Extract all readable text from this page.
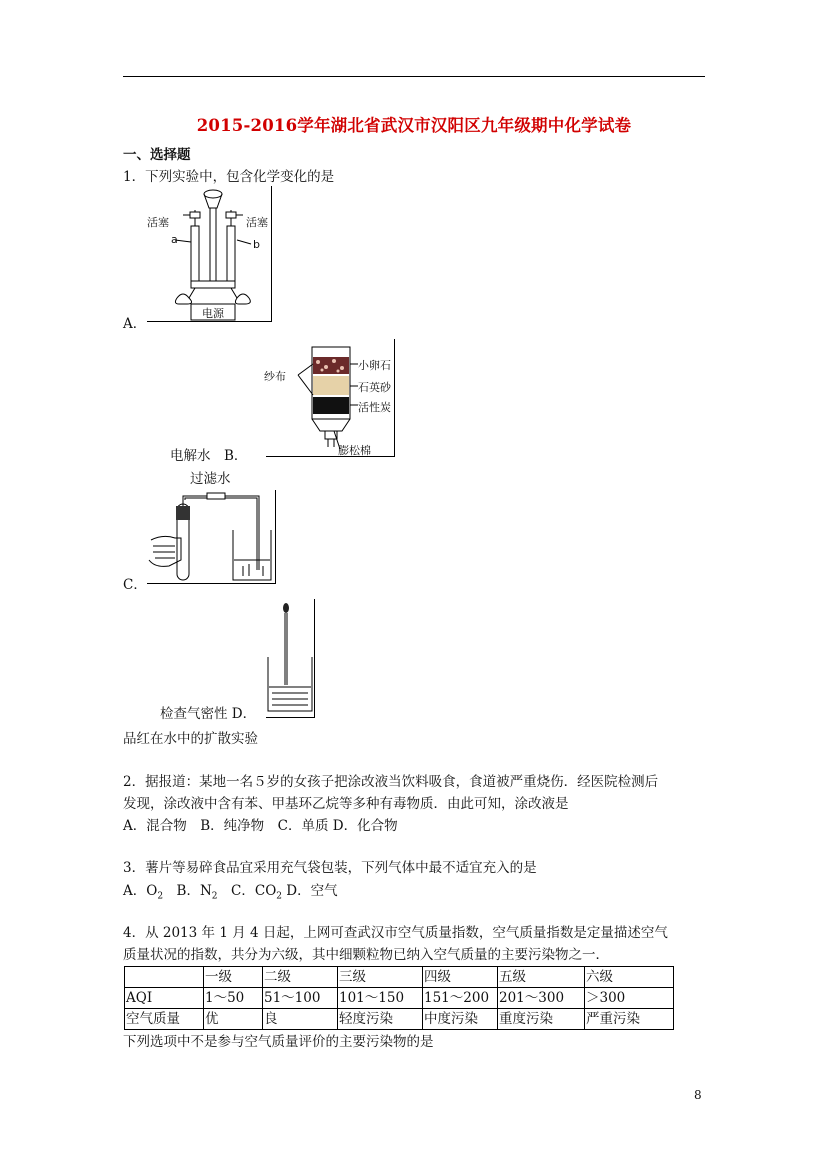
2015-2016学年湖北省武汉市汉阳区九年级期中化学试卷
一、选择题
1．下列实验中，包含化学变化的是
活塞	活塞
a	b
电源
A．
纱布
小卵石
石英砂
活性炭
膨松棉
电解水　B．
过滤水
C．
检查气密性 D．
品红在水中的扩散实验
2．据报道：某地一名５岁的女孩子把涂改液当饮料吸食，食道被严重烧伤．经医院检测后
发现，涂改液中含有苯、甲基环乙烷等多种有毒物质．由此可知，涂改液是
A．混合物　B．纯净物　C．单质 D．化合物
3．薯片等易碎食品宜采用充气袋包装，下列气体中最不适宜充入的是
A．$O_2$　B．$N_2$　C．$CO_2$ D．空气
4．从 2013 年 1 月 4 日起，上网可查武汉市空气质量指数，空气质量指数是定量描述空气
质量状况的指数，共分为六级，其中细颗粒物已纳入空气质量的主要污染物之一．
	一级	二级	三级	四级	五级	六级
AQI	1～50	51～100	101～150	151～200	201～300	＞300
空气质量	优	良	轻度污染	中度污染	重度污染	严重污染
下列选项中不是参与空气质量评价的主要污染物的是
8
